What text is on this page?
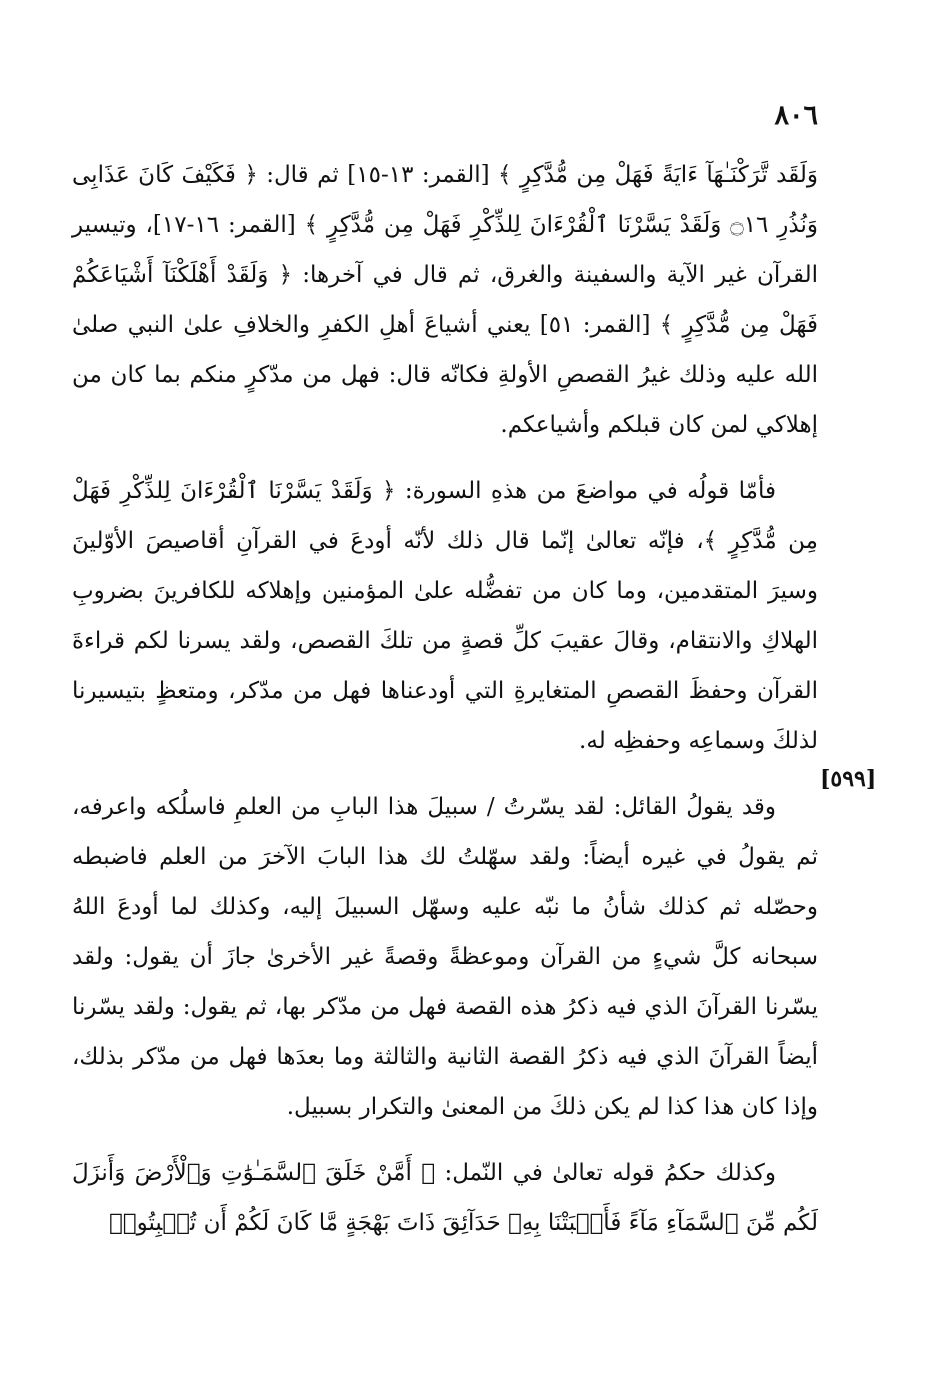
٨٠٦
[٥٩٩]

وَلَقَد تَّرَكْنَـٰهَآ ءَايَةً فَهَلْ مِن مُّدَّكِرٍ ﴾ [القمر: ١٣-١٥] ثم قال: ﴿ فَكَيْفَ كَانَ عَذَابِى وَنُذُرِ ۝١٦ وَلَقَدْ يَسَّرْنَا ٱلْقُرْءَانَ لِلذِّكْرِ فَهَلْ مِن مُّدَّكِرٍ ﴾ [القمر: ١٦-١٧]، وتيسير القرآن غير الآية والسفينة والغرق، ثم قال في آخرها: ﴿ وَلَقَدْ أَهْلَكْنَآ أَشْيَاعَكُمْ فَهَلْ مِن مُّدَّكِرٍ ﴾ [القمر: ٥١] يعني أشياعَ أهلِ الكفرِ والخلافِ علىٰ النبي صلىٰ الله عليه وذلك غيرُ القصصِ الأولةِ فكانّه قال: فهل من مدّكرٍ منكم بما كان من إهلاكي لمن كان قبلكم وأشياعكم.

فأمّا قولُه في مواضعَ من هذهِ السورة: ﴿ وَلَقَدْ يَسَّرْنَا ٱلْقُرْءَانَ لِلذِّكْرِ فَهَلْ مِن مُّدَّكِرٍ ﴾، فإنّه تعالىٰ إنّما قال ذلك لأنّه أودعَ في القرآنِ أقاصيصَ الأوّلينَ وسيرَ المتقدمين، وما كان من تفضُّله علىٰ المؤمنين وإهلاكه للكافرينَ بضروبِ الهلاكِ والانتقام، وقالَ عقيبَ كلِّ قصةٍ من تلكَ القصص، ولقد يسرنا لكم قراءةَ القرآن وحفظَ القصصِ المتغايرةِ التي أودعناها فهل من مدّكر، ومتعظٍ بتيسيرنا لذلكَ وسماعِه وحفظِه له.

وقد يقولُ القائل: لقد يسّرتُ / سبيلَ هذا البابِ من العلمِ فاسلُكه واعرفه، ثم يقولُ في غيره أيضاً: ولقد سهّلتُ لك هذا البابَ الآخرَ من العلم فاضبطه وحصّله ثم كذلك شأنُ ما نبّه عليه وسهّل السبيلَ إليه، وكذلك لما أودعَ اللهُ سبحانه كلَّ شيءٍ من القرآن وموعظةً وقصةً غير الأخرىٰ جازَ أن يقول: ولقد يسّرنا القرآنَ الذي فيه ذكرُ هذه القصة فهل من مدّكر بها، ثم يقول: ولقد يسّرنا أيضاً القرآنَ الذي فيه ذكرُ القصة الثانية والثالثة وما بعدَها فهل من مدّكر بذلك، وإذا كان هذا كذا لم يكن ذلكَ من المعنىٰ والتكرار بسبيل.

وكذلك حكمُ قوله تعالىٰ في النّمل: ﴿ أَمَّنْ خَلَقَ ٱلسَّمَـٰوَٰتِ وَٱلْأَرْضَ وَأَنزَلَ لَكُم مِّنَ ٱلسَّمَآءِ مَآءً فَأَنۢبَتْنَا بِهِۦ حَدَآئِقَ ذَاتَ بَهْجَةٍ مَّا كَانَ لَكُمْ أَن تُنۢبِتُوا۟
